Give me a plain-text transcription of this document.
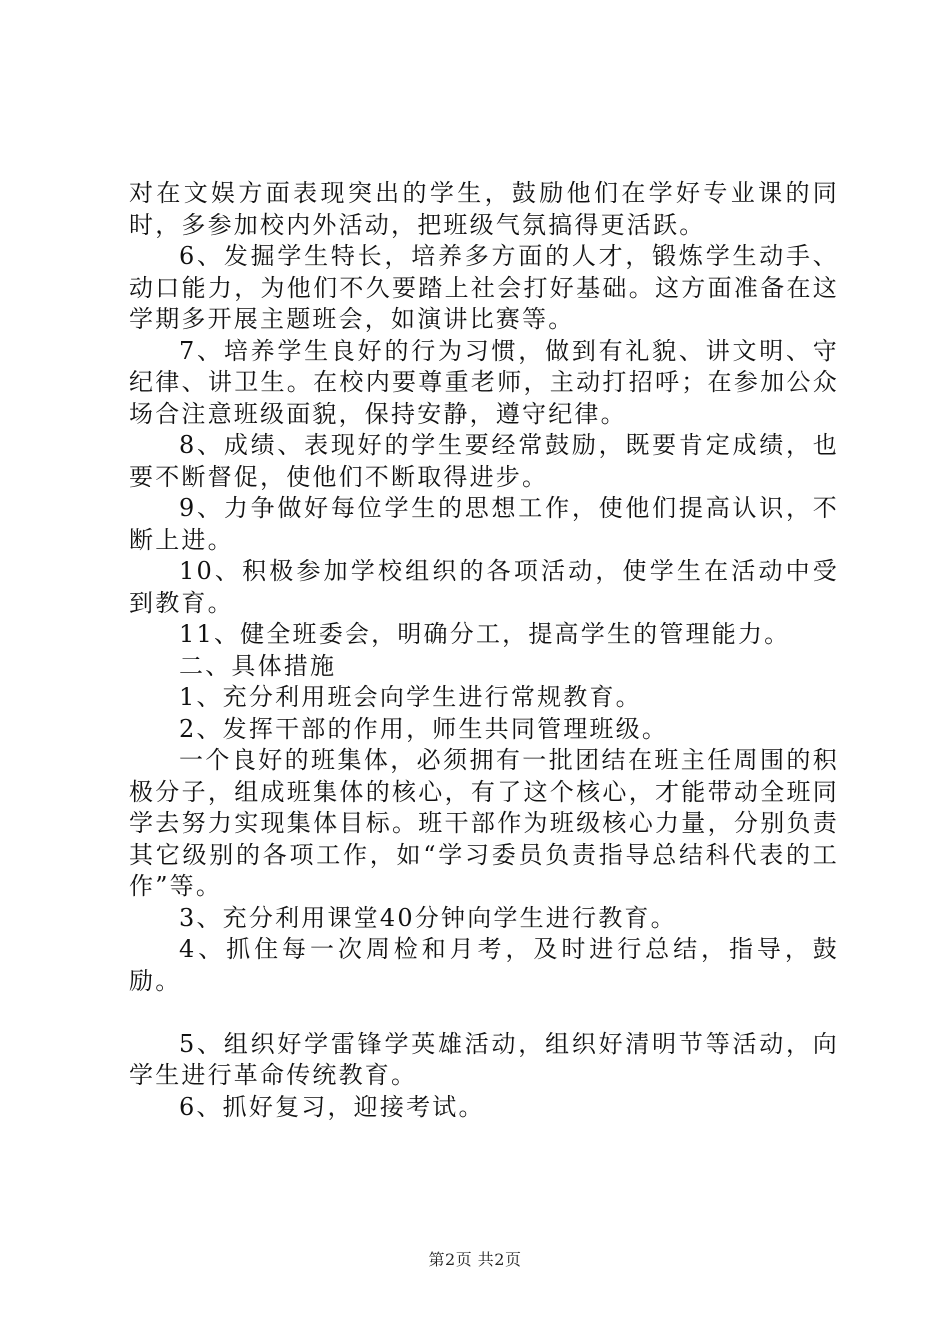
对在文娱方面表现突出的学生，鼓励他们在学好专业课的同时，多参加校内外活动，把班级气氛搞得更活跃。

6、发掘学生特长，培养多方面的人才，锻炼学生动手、动口能力，为他们不久要踏上社会打好基础。这方面准备在这学期多开展主题班会，如演讲比赛等。

7、培养学生良好的行为习惯，做到有礼貌、讲文明、守纪律、讲卫生。在校内要尊重老师，主动打招呼；在参加公众场合注意班级面貌，保持安静，遵守纪律。

8、成绩、表现好的学生要经常鼓励，既要肯定成绩，也要不断督促，使他们不断取得进步。

9、力争做好每位学生的思想工作，使他们提高认识，不断上进。

10、积极参加学校组织的各项活动，使学生在活动中受到教育。

11、健全班委会，明确分工，提高学生的管理能力。

二、具体措施

1、充分利用班会向学生进行常规教育。

2、发挥干部的作用，师生共同管理班级。

一个良好的班集体，必须拥有一批团结在班主任周围的积极分子，组成班集体的核心，有了这个核心，才能带动全班同学去努力实现集体目标。班干部作为班级核心力量，分别负责其它级别的各项工作，如“学习委员负责指导总结科代表的工作”等。

3、充分利用课堂40分钟向学生进行教育。

4、抓住每一次周检和月考，及时进行总结，指导，鼓励。

5、组织好学雷锋学英雄活动，组织好清明节等活动，向学生进行革命传统教育。

6、抓好复习，迎接考试。

第2页 共2页
